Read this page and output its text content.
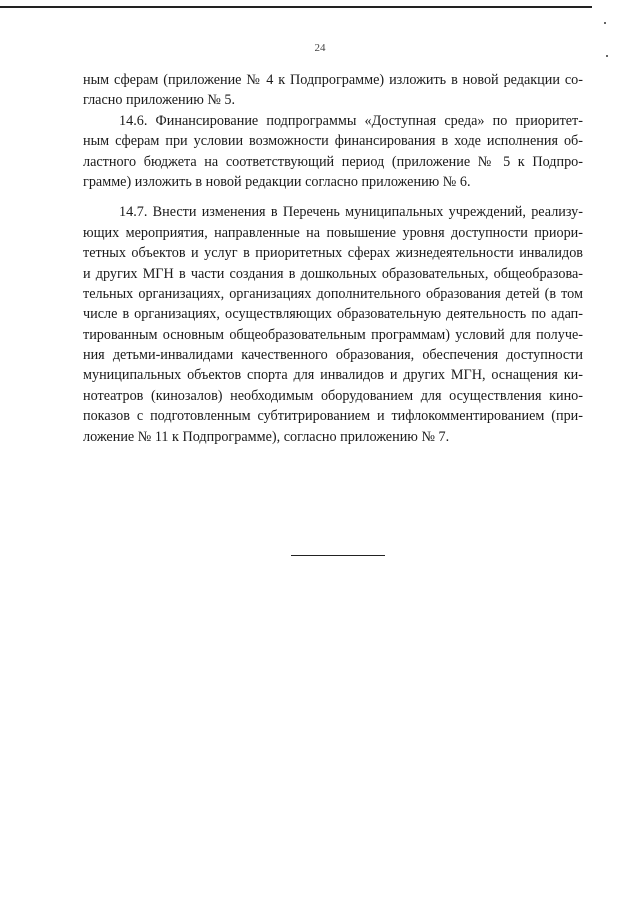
24

ным сферам (приложение № 4 к Подпрограмме) изложить в новой редакции со-
гласно приложению № 5.

14.6. Финансирование подпрограммы «Доступная среда» по приоритет-
ным сферам при условии возможности финансирования в ходе исполнения об-
ластного бюджета на соответствующий период (приложение № 5 к Подпро-
грамме) изложить в новой редакции согласно приложению № 6.

14.7. Внести изменения в Перечень муниципальных учреждений, реализу-
ющих мероприятия, направленные на повышение уровня доступности приори-
тетных объектов и услуг в приоритетных сферах жизнедеятельности инвалидов
и других МГН в части создания в дошкольных образовательных, общеобразова-
тельных организациях, организациях дополнительного образования детей (в том
числе в организациях, осуществляющих образовательную деятельность по адап-
тированным основным общеобразовательным программам) условий для получе-
ния детьми-инвалидами качественного образования, обеспечения доступности
муниципальных объектов спорта для инвалидов и других МГН, оснащения ки-
нотеатров (кинозалов) необходимым оборудованием для осуществления кино-
показов с подготовленным субтитрированием и тифлокомментированием (при-
ложение № 11 к Подпрограмме), согласно приложению № 7.
